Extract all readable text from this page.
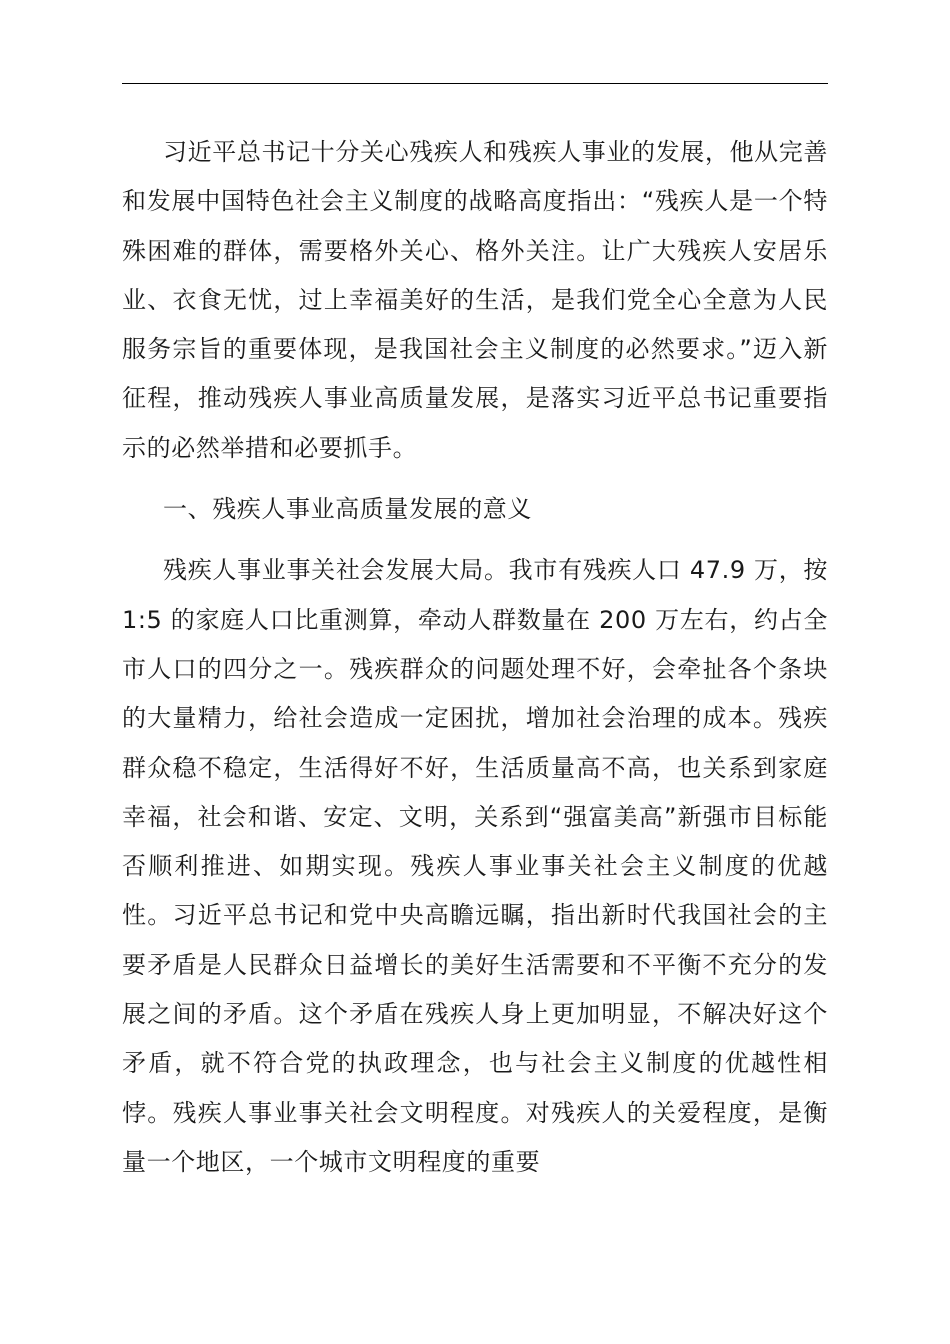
习近平总书记十分关心残疾人和残疾人事业的发展，他从完善和发展中国特色社会主义制度的战略高度指出：“残疾人是一个特殊困难的群体，需要格外关心、格外关注。让广大残疾人安居乐业、衣食无忧，过上幸福美好的生活，是我们党全心全意为人民服务宗旨的重要体现，是我国社会主义制度的必然要求。”迈入新征程，推动残疾人事业高质量发展，是落实习近平总书记重要指示的必然举措和必要抓手。

一、残疾人事业高质量发展的意义

残疾人事业事关社会发展大局。我市有残疾人口 47.9 万，按 1:5 的家庭人口比重测算，牵动人群数量在 200 万左右，约占全市人口的四分之一。残疾群众的问题处理不好，会牵扯各个条块的大量精力，给社会造成一定困扰，增加社会治理的成本。残疾群众稳不稳定，生活得好不好，生活质量高不高，也关系到家庭幸福，社会和谐、安定、文明，关系到“强富美高”新强市目标能否顺利推进、如期实现。残疾人事业事关社会主义制度的优越性。习近平总书记和党中央高瞻远瞩，指出新时代我国社会的主要矛盾是人民群众日益增长的美好生活需要和不平衡不充分的发展之间的矛盾。这个矛盾在残疾人身上更加明显，不解决好这个矛盾，就不符合党的执政理念，也与社会主义制度的优越性相悖。残疾人事业事关社会文明程度。对残疾人的关爱程度，是衡量一个地区，一个城市文明程度的重要
